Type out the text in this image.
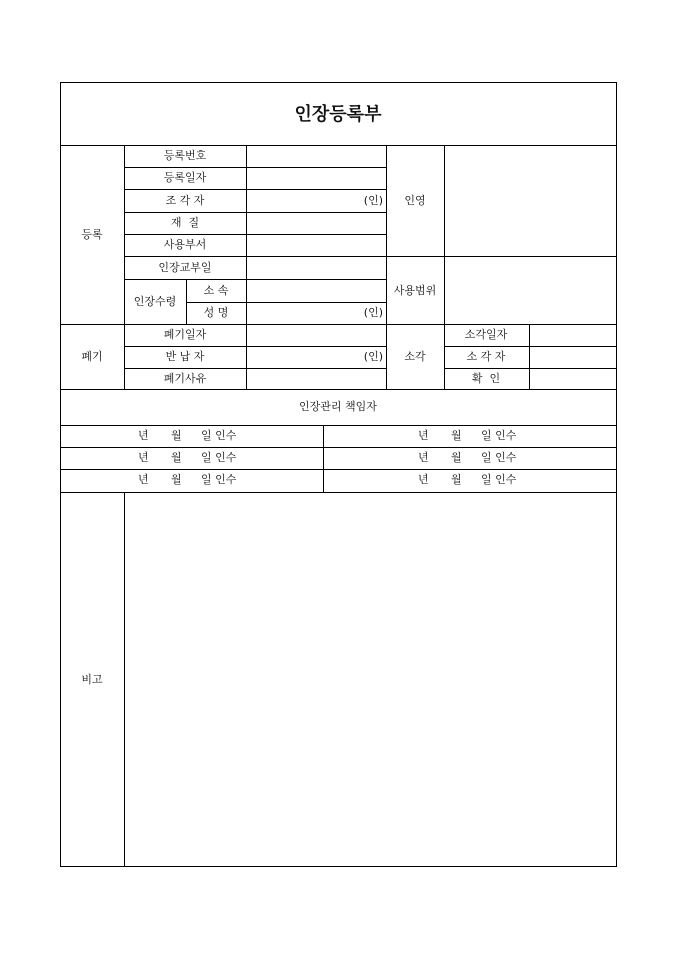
인장등록부
등록
등록번호
등록일자
조 각 자
재  질
사용부서
인장교부일
인장수령
소 속
성 명
(인)
(인)
인영
사용범위
폐기
폐기일자
반 납 자
폐기사유
(인) 소각
소각일자
소 각 자
확  인
인장관리 책임자
년 월 일 인수
년 월 일 인수
년 월 일 인수
년 월 일 인수
년 월 일 인수
년 월 일 인수
비고
